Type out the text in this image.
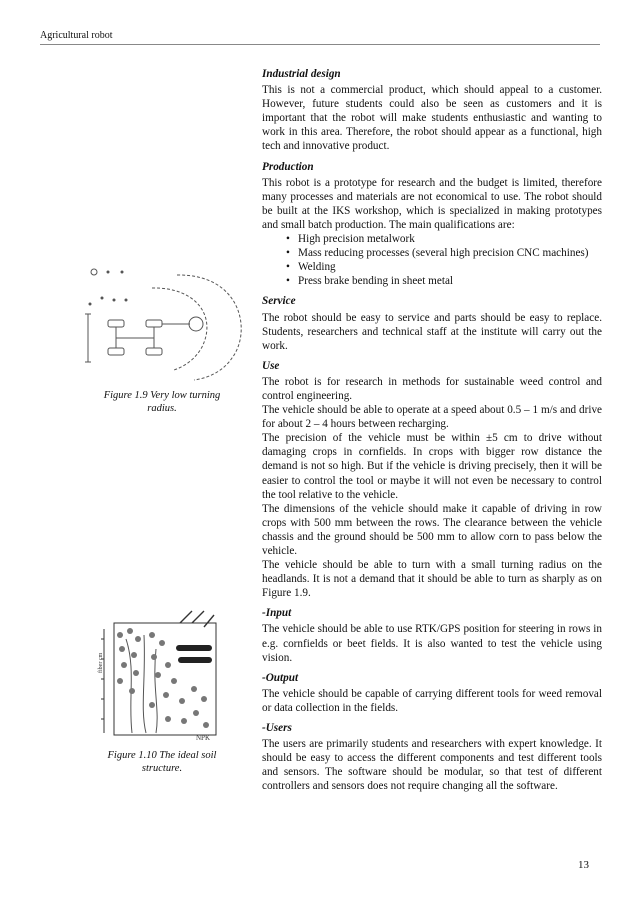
Agricultural robot
Figure 1.9 Very low turning radius.
fiber cm
NPK
Figure 1.10 The ideal soil structure.
Industrial design

This is not a commercial product, which should appeal to a customer. However, future students could also be seen as customers and it is important that the robot will make students enthusiastic and wanting to work in this area. Therefore, the robot should appear as a functional, high tech and innovative product.

Production

This robot is a prototype for research and the budget is limited, therefore many processes and materials are not economical to use. The robot should be built at the IKS workshop, which is specialized in making prototypes and small batch production. The main qualifications are:

• High precision metalwork
• Mass reducing processes (several high precision CNC machines)
• Welding
• Press brake bending in sheet metal
Service

The robot should be easy to service and parts should be easy to replace. Students, researchers and technical staff at the institute will carry out the work.

Use

The robot is for research in methods for sustainable weed control and control engineering.

The vehicle should be able to operate at a speed about 0.5 – 1 m/s and drive for about 2 – 4 hours between recharging.

The precision of the vehicle must be within ±5 cm to drive without damaging crops in cornfields. In crops with bigger row distance the demand is not so high. But if the vehicle is driving precisely, then it will be easier to control the tool or maybe it will not even be necessary to control the tool relative to the vehicle.

The dimensions of the vehicle should make it capable of driving in row crops with 500 mm between the rows. The clearance between the vehicle chassis and the ground should be 500 mm to allow corn to pass below the vehicle.

The vehicle should be able to turn with a small turning radius on the headlands. It is not a demand that it should be able to turn as sharply as on Figure 1.9.

-Input

The vehicle should be able to use RTK/GPS position for steering in rows in e.g. cornfields or beet fields. It is also wanted to test the vehicle using vision.

-Output

The vehicle should be capable of carrying different tools for weed removal or data collection in the fields.

-Users

The users are primarily students and researchers with expert knowledge. It should be easy to access the different components and test different tools and sensors. The software should be modular, so that test of different controllers and sensors does not require changing all the software.

13
